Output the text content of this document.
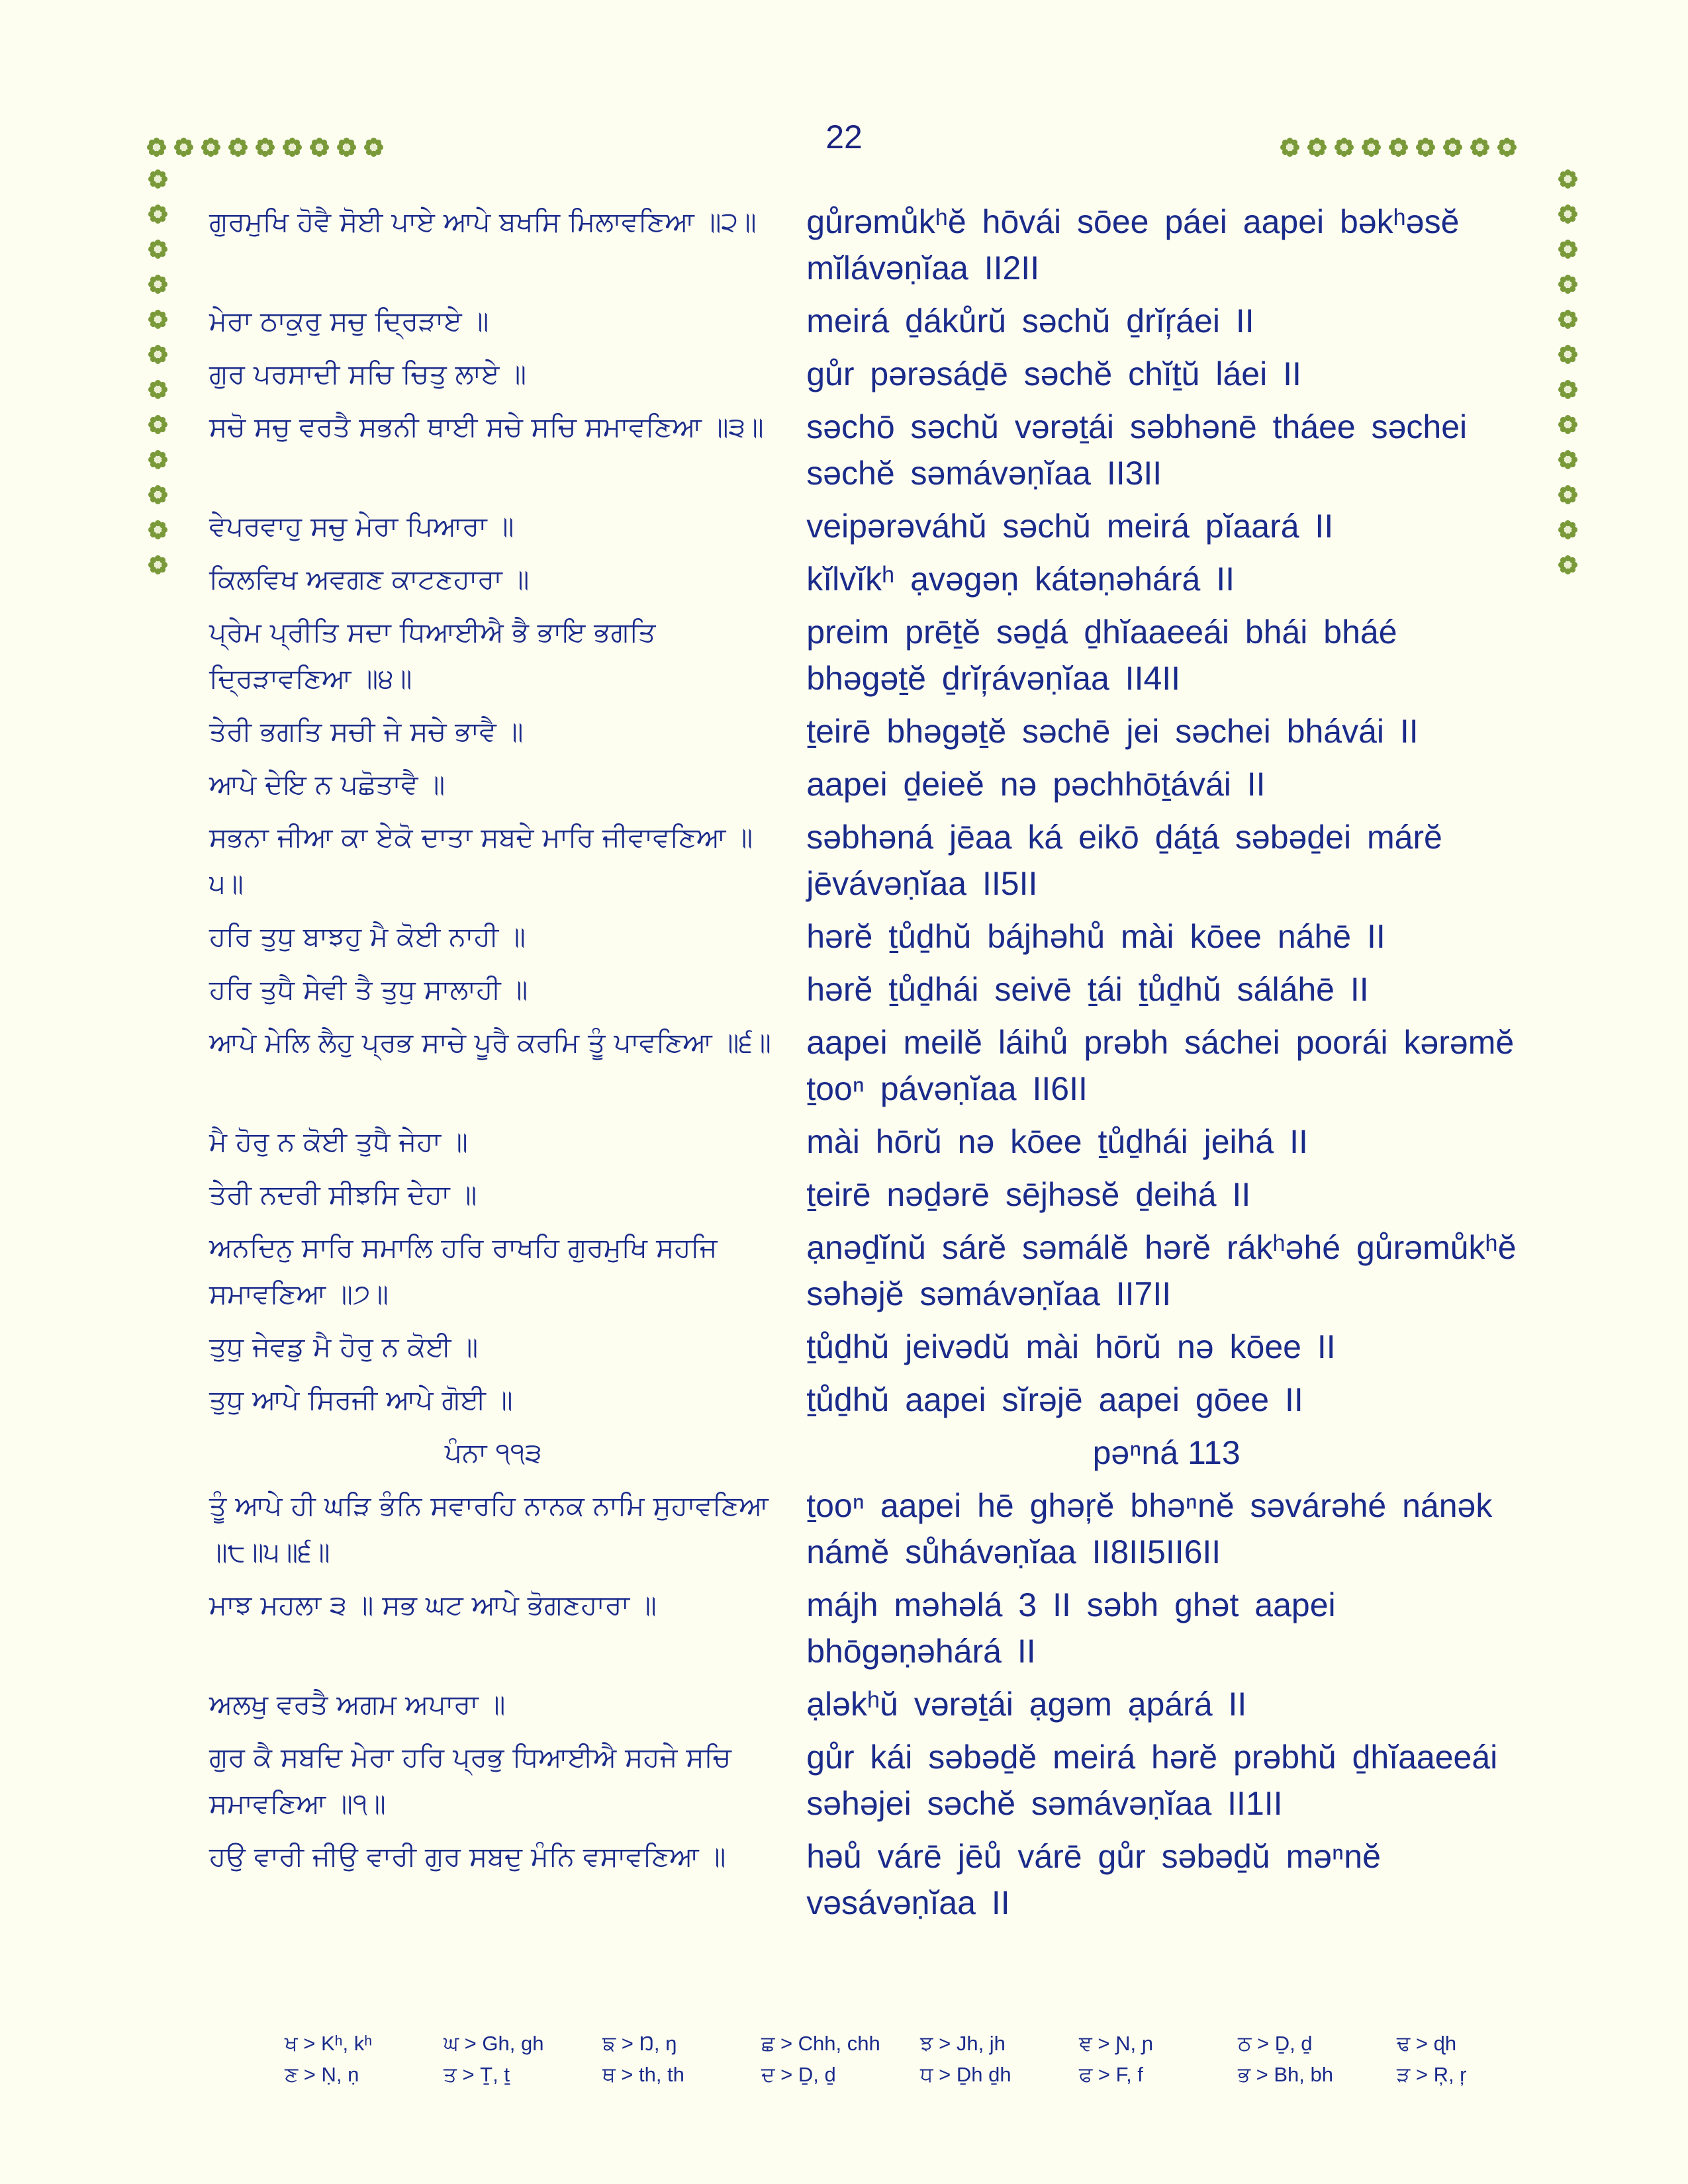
22
ਗੁਰਮੁਖਿ ਹੋਵੈ ਸੋਈ ਪਾਏ ਆਪੇ ਬਖਸਿ ਮਿਲਾਵਣਿਆ ॥੨॥	gůrəmůkʰĕ hōvái sōee páei aapei bəkʰəsĕ mĭlávəṇĭaa II2II
ਮੇਰਾ ਠਾਕੁਰੁ ਸਚੁ ਦ੍ਰਿੜਾਏ ॥	meirá ḏákůrŭ səchŭ ḏrĭŗáei II
ਗੁਰ ਪਰਸਾਦੀ ਸਚਿ ਚਿਤੁ ਲਾਏ ॥	gůr pərəsáḏē səchĕ chĭṯŭ láei II
ਸਚੋ ਸਚੁ ਵਰਤੈ ਸਭਨੀ ਥਾਈ ਸਚੇ ਸਚਿ ਸਮਾਵਣਿਆ ॥੩॥	səchō səchŭ vərəṯái səbhənē tháee səchei səchĕ səmávəṇĭaa II3II
ਵੇਪਰਵਾਹੁ ਸਚੁ ਮੇਰਾ ਪਿਆਰਾ ॥	veipərəváhŭ səchŭ meirá pĭaará II
ਕਿਲਵਿਖ ਅਵਗਣ ਕਾਟਣਹਾਰਾ ॥	kĭlvĭkʰ ạvəgəṇ kátəṇəhárá II
ਪ੍ਰੇਮ ਪ੍ਰੀਤਿ ਸਦਾ ਧਿਆਈਐ ਭੈ ਭਾਇ ਭਗਤਿ ਦ੍ਰਿੜਾਵਣਿਆ ॥੪॥
preim prēṯĕ səḏá ḏhĭaaeeái bhái bháé bhəgəṯĕ ḏrĭŗávəṇĭaa II4II
ਤੇਰੀ ਭਗਤਿ ਸਚੀ ਜੇ ਸਚੇ ਭਾਵੈ ॥	ṯeirē bhəgəṯĕ səchē jei səchei bhávái II
ਆਪੇ ਦੇਇ ਨ ਪਛੋਤਾਵੈ ॥	aapei ḏeieĕ nə pəchhōṯávái II
ਸਭਨਾ ਜੀਆ ਕਾ ਏਕੋ ਦਾਤਾ ਸਬਦੇ ਮਾਰਿ ਜੀਵਾਵਣਿਆ ॥੫॥
səbhəná jēaa ká eikō ḏáṯá səbəḏei márĕ jēvávəṇĭaa II5II
ਹਰਿ ਤੁਧੁ ਬਾਝਹੁ ਮੈ ਕੋਈ ਨਾਹੀ ॥	hərĕ ṯůḏhŭ bájhəhů mài kōee náhē II
ਹਰਿ ਤੁਧੈ ਸੇਵੀ ਤੈ ਤੁਧੁ ਸਾਲਾਹੀ ॥	hərĕ ṯůḏhái seivē ṯái ṯůḏhŭ sáláhē II
ਆਪੇ ਮੇਲਿ ਲੈਹੁ ਪ੍ਰਭ ਸਾਚੇ ਪੂਰੈ ਕਰਮਿ ਤੂੰ ਪਾਵਣਿਆ ॥੬॥ aapei meilĕ láihů prəbh sáchei poorái kərəmĕ ṯooⁿ pávəṇĭaa II6II
ਮੈ ਹੋਰੁ ਨ ਕੋਈ ਤੁਧੈ ਜੇਹਾ ॥	mài hōrŭ nə kōee ṯůḏhái jeihá II
ਤੇਰੀ ਨਦਰੀ ਸੀਝਸਿ ਦੇਹਾ ॥	ṯeirē nəḏərē sējhəsĕ ḏeihá II
ਅਨਦਿਨੁ ਸਾਰਿ ਸਮਾਲਿ ਹਰਿ ਰਾਖਹਿ ਗੁਰਮੁਖਿ ਸਹਜਿ ਸਮਾਵਣਿਆ ॥੭॥
ạnəḏĭnŭ sárĕ səmálĕ hərĕ rákʰəhé gůrəmůkʰĕ səhəjĕ səmávəṇĭaa II7II
ਤੁਧੁ ਜੇਵਡੁ ਮੈ ਹੋਰੁ ਨ ਕੋਈ ॥	ṯůḏhŭ jeivədŭ mài hōrŭ nə kōee II
ਤੁਧੁ ਆਪੇ ਸਿਰਜੀ ਆਪੇ ਗੋਈ ॥	ṯůḏhŭ aapei sĭrəjē aapei gōee II
ਪੰਨਾ ੧੧੩	pəⁿná 113
ਤੂੰ ਆਪੇ ਹੀ ਘੜਿ ਭੰਨਿ ਸਵਾਰਹਿ ਨਾਨਕ ਨਾਮਿ ਸੁਹਾਵਣਿਆ ॥੮॥੫॥੬॥
ṯooⁿ aapei hē ghəŗĕ bhəⁿnĕ səvárəhé nánək námĕ sůhávəṇĭaa II8II5II6II
ਮਾਝ ਮਹਲਾ ੩ ॥ ਸਭ ਘਟ ਆਪੇ ਭੋਗਣਹਾਰਾ ॥	májh məhəlá 3 II səbh ghət aapei bhōgəṇəhárá II
ਅਲਖੁ ਵਰਤੈ ਅਗਮ ਅਪਾਰਾ ॥	ạləkʰŭ vərəṯái ạgəm ạpárá II
ਗੁਰ ਕੈ ਸਬਦਿ ਮੇਰਾ ਹਰਿ ਪ੍ਰਭੁ ਧਿਆਈਐ ਸਹਜੇ ਸਚਿ ਸਮਾਵਣਿਆ ॥੧॥
gůr kái səbəḏĕ meirá hərĕ prəbhŭ ḏhĭaaeeái səhəjei səchĕ səmávəṇĭaa II1II
ਹਉ ਵਾਰੀ ਜੀਉ ਵਾਰੀ ਗੁਰ ਸਬਦੁ ਮੰਨਿ ਵਸਾਵਣਿਆ ॥	həů várē jēů várē gůr səbəḏŭ məⁿnĕ vəsávəṇĭaa II
ਖ > Kʰ, kʰ	ਘ > Gh, gh	ਙ > Ŋ, ŋ	ਛ > Chh, chh	ਝ > Jh, jh	ਞ > Ɲ, ɲ	ਠ > Ḏ, ḏ	ਢ > ɖh
ਣ > Ṇ, ṇ	ਤ > Ṯ, ṯ	ਥ > th, th	ਦ > Ḏ, ḏ	ਧ > Ḏh ḏh	ਫ > F, f	ਭ > Bh, bh	ੜ > Ŗ, ŗ
